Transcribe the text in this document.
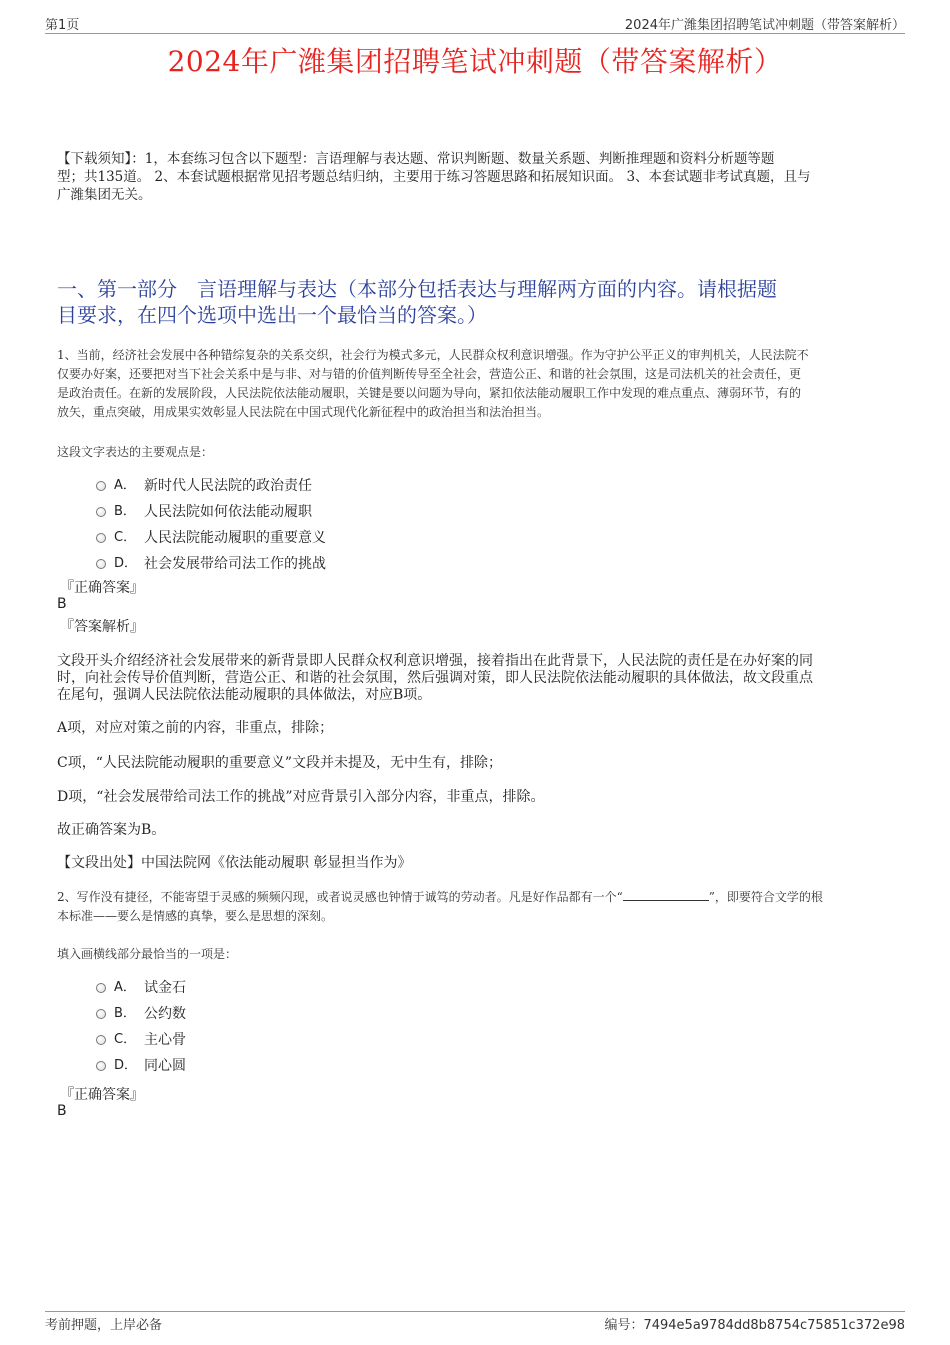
第1页	2024年广潍集团招聘笔试冲刺题（带答案解析）
2024年广潍集团招聘笔试冲刺题（带答案解析）
【下载须知】：1，本套练习包含以下题型：言语理解与表达题、常识判断题、数量关系题、判断推理题和资料分析题等题
型；共135道。 2、本套试题根据常见招考题总结归纳，主要用于练习答题思路和拓展知识面。 3、本套试题非考试真题，且与
广潍集团无关。
一、第一部分　言语理解与表达（本部分包括表达与理解两方面的内容。请根据题
目要求，在四个选项中选出一个最恰当的答案。）
1、当前，经济社会发展中各种错综复杂的关系交织，社会行为模式多元，人民群众权利意识增强。作为守护公平正义的审判机关，人民法院不
仅要办好案，还要把对当下社会关系中是与非、对与错的价值判断传导至全社会，营造公正、和谐的社会氛围，这是司法机关的社会责任，更
是政治责任。在新的发展阶段，人民法院依法能动履职，关键是要以问题为导向，紧扣依法能动履职工作中发现的难点重点、薄弱环节，有的
放矢，重点突破，用成果实效彰显人民法院在中国式现代化新征程中的政治担当和法治担当。
这段文字表达的主要观点是：
A． 新时代人民法院的政治责任
B． 人民法院如何依法能动履职
C． 人民法院能动履职的重要意义
D． 社会发展带给司法工作的挑战
『正确答案』
B
『答案解析』
文段开头介绍经济社会发展带来的新背景即人民群众权利意识增强，接着指出在此背景下，人民法院的责任是在办好案的同
时，向社会传导价值判断，营造公正、和谐的社会氛围，然后强调对策，即人民法院依法能动履职的具体做法，故文段重点
在尾句，强调人民法院依法能动履职的具体做法，对应B项。
A项，对应对策之前的内容，非重点，排除；
C项，“人民法院能动履职的重要意义”文段并未提及，无中生有，排除；
D项，“社会发展带给司法工作的挑战”对应背景引入部分内容，非重点，排除。
故正确答案为B。
【文段出处】中国法院网《依法能动履职 彰显担当作为》
2、写作没有捷径，不能寄望于灵感的频频闪现，或者说灵感也钟情于诚笃的劳动者。凡是好作品都有一个“	”，即要符合文学的根
本标准——要么是情感的真挚，要么是思想的深刻。
填入画横线部分最恰当的一项是：
A． 试金石
B． 公约数
C． 主心骨
D． 同心圆
『正确答案』
B
考前押题，上岸必备	编号：7494e5a9784dd8b8754c75851c372e98
